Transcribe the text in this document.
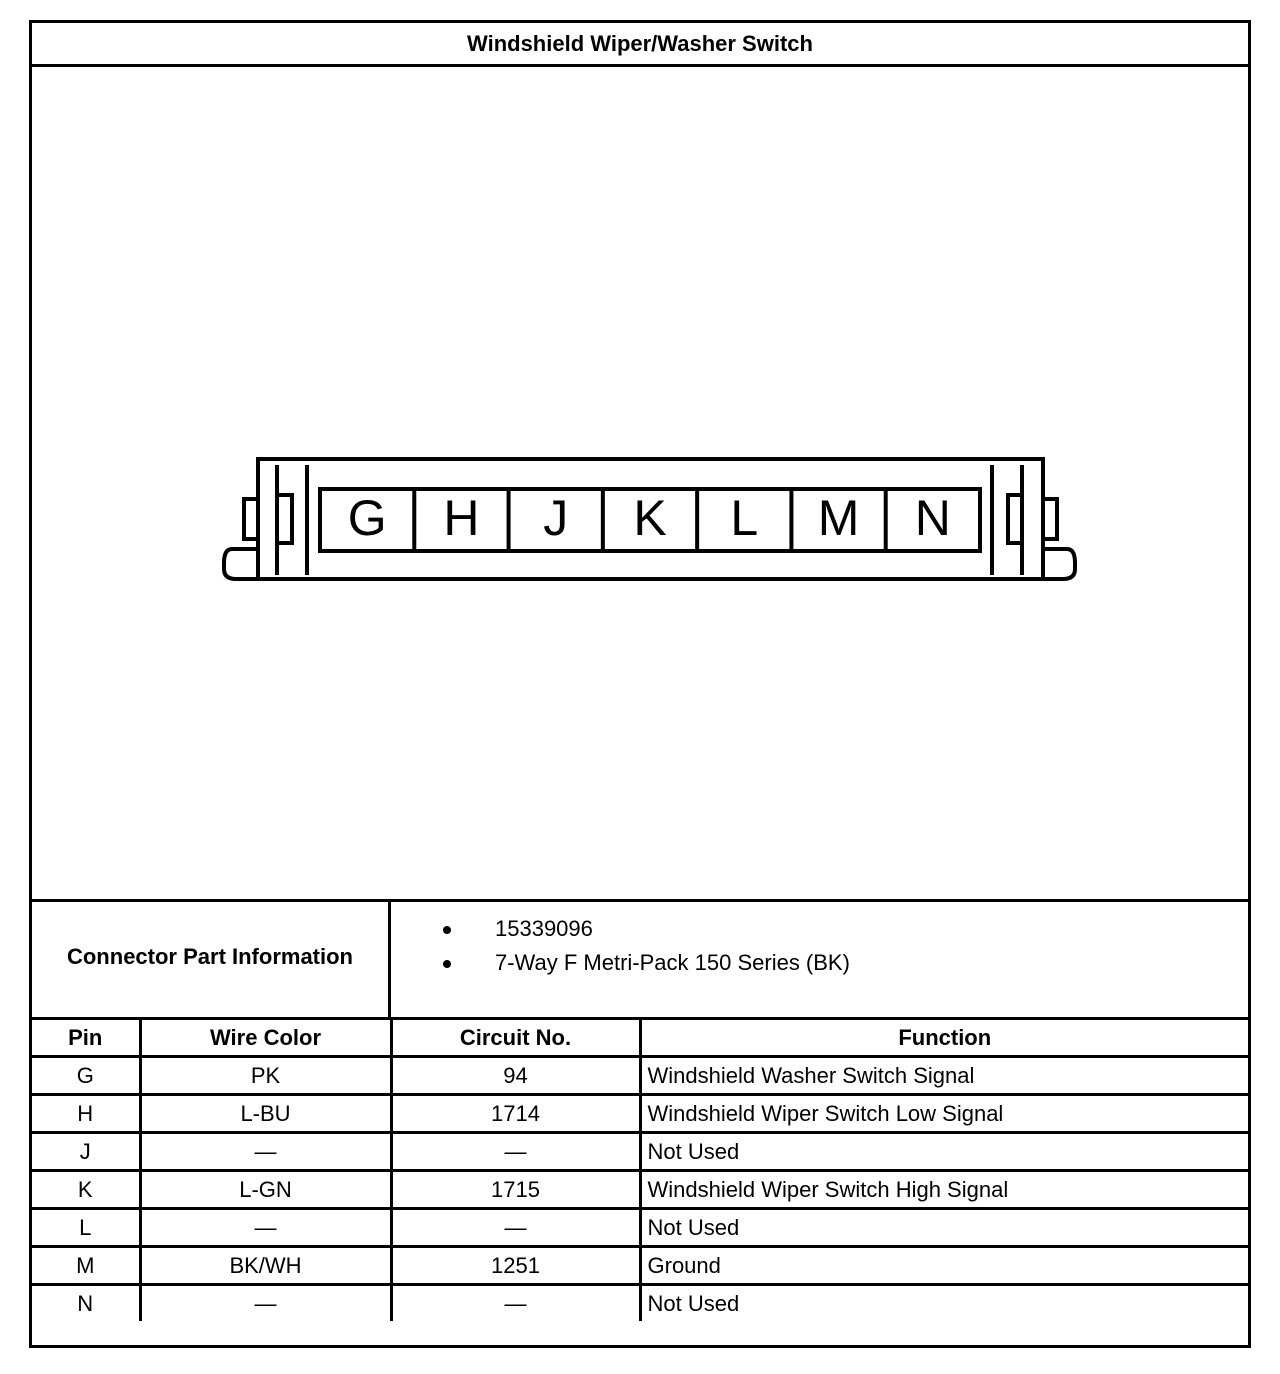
Windshield Wiper/Washer Switch
G H J K L M N
Connector Part Information
15339096
7-Way F Metri-Pack 150 Series (BK)
Pin	Wire Color	Circuit No.	Function
G	PK	94	Windshield Washer Switch Signal
H	L-BU	1714	Windshield Wiper Switch Low Signal
J	—	—	Not Used
K	L-GN	1715	Windshield Wiper Switch High Signal
L	—	—	Not Used
M	BK/WH	1251	Ground
N	—	—	Not Used
